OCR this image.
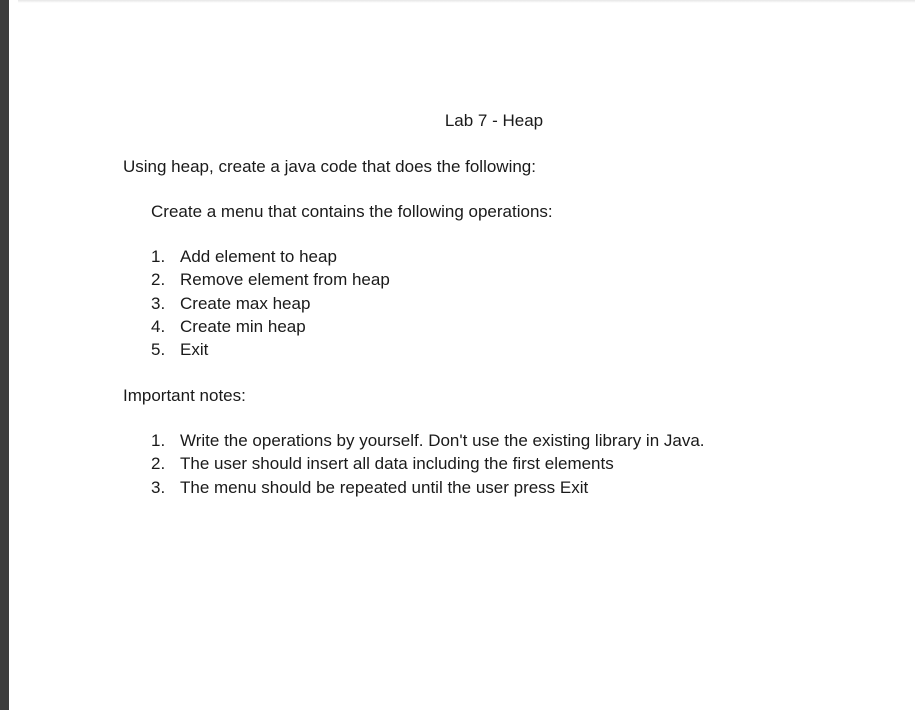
Lab 7 - Heap

Using heap, create a java code that does the following:

Create a menu that contains the following operations:

1. Add element to heap
2. Remove element from heap
3. Create max heap
4. Create min heap
5. Exit

Important notes:

1. Write the operations by yourself. Don't use the existing library in Java.
2. The user should insert all data including the first elements
3. The menu should be repeated until the user press Exit
